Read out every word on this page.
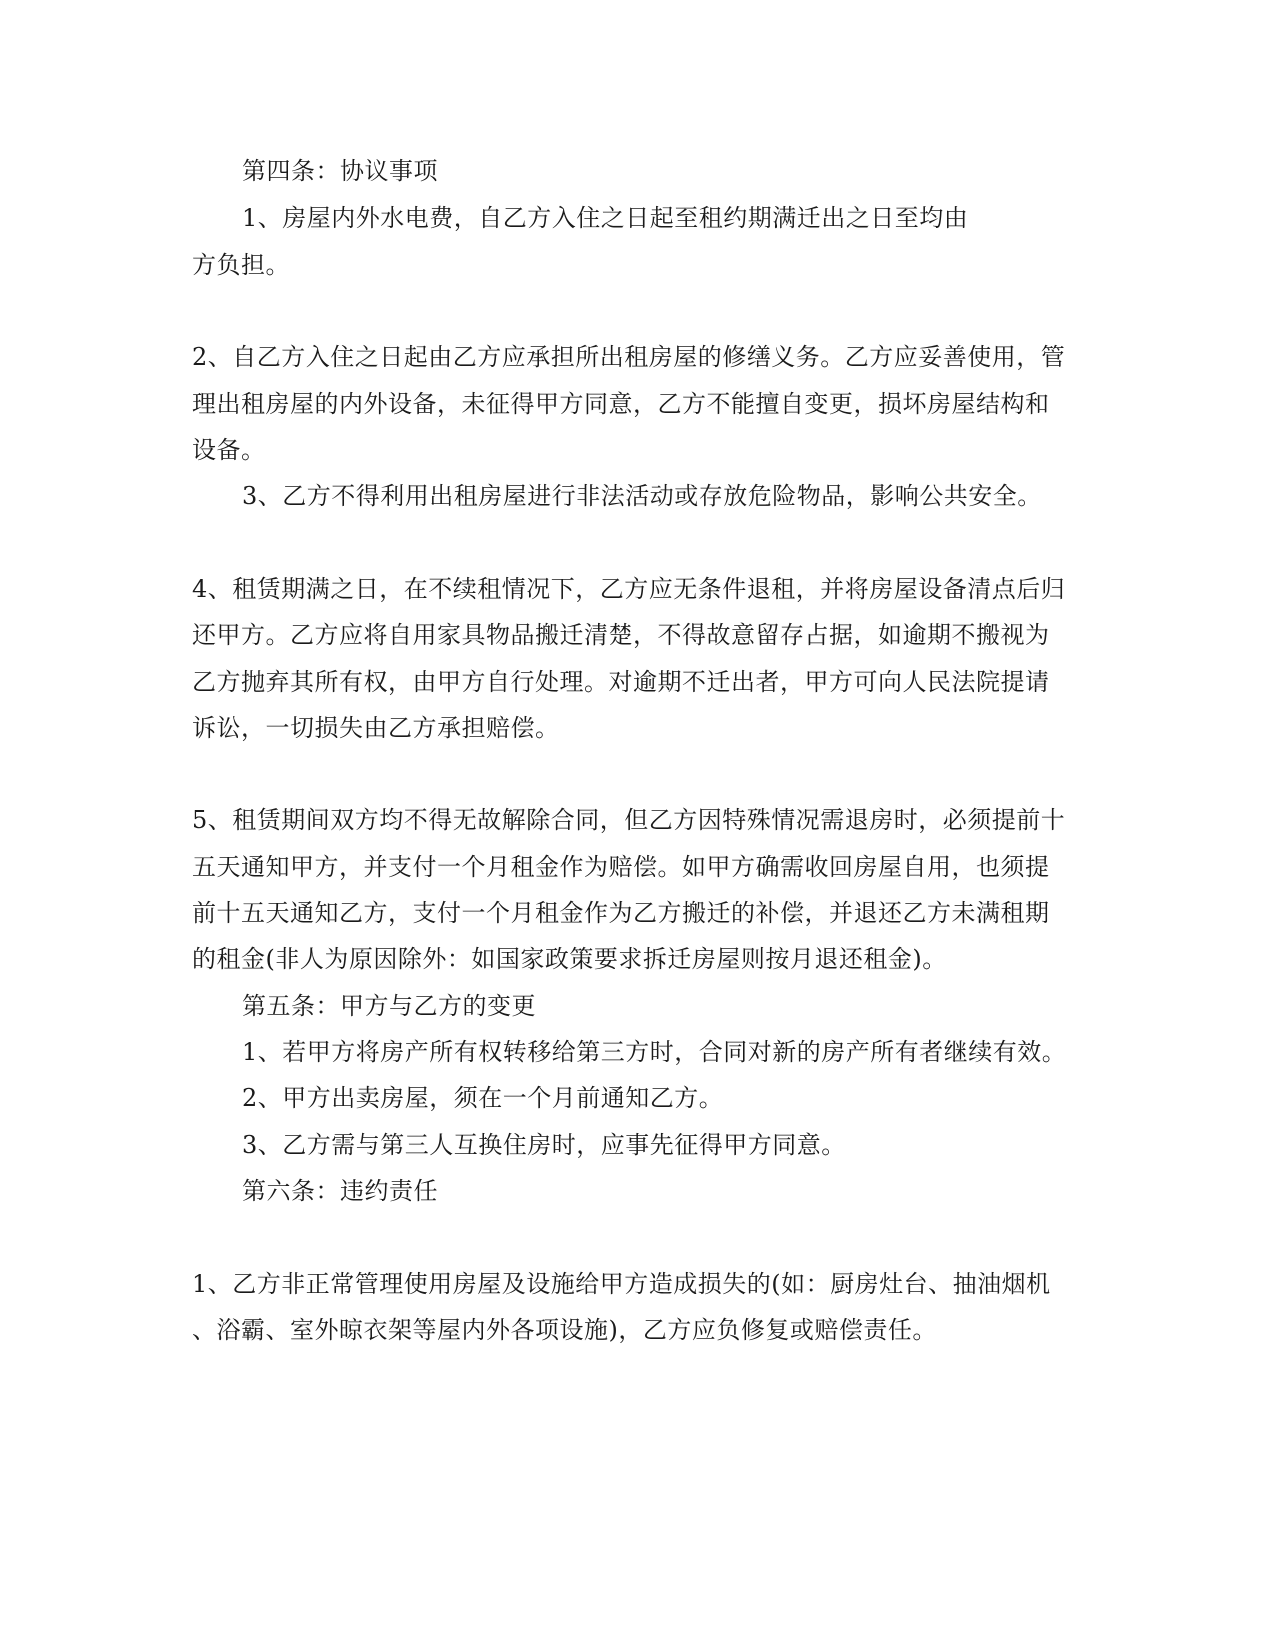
第四条：协议事项
1、房屋内外水电费，自乙方入住之日起至租约期满迁出之日至均由
方负担。
2、自乙方入住之日起由乙方应承担所出租房屋的修缮义务。乙方应妥善使用，管
理出租房屋的内外设备，未征得甲方同意，乙方不能擅自变更，损坏房屋结构和
设备。
3、乙方不得利用出租房屋进行非法活动或存放危险物品，影响公共安全。
4、租赁期满之日，在不续租情况下，乙方应无条件退租，并将房屋设备清点后归
还甲方。乙方应将自用家具物品搬迁清楚，不得故意留存占据，如逾期不搬视为
乙方抛弃其所有权，由甲方自行处理。对逾期不迁出者，甲方可向人民法院提请
诉讼，一切损失由乙方承担赔偿。
5、租赁期间双方均不得无故解除合同，但乙方因特殊情况需退房时，必须提前十
五天通知甲方，并支付一个月租金作为赔偿。如甲方确需收回房屋自用，也须提
前十五天通知乙方，支付一个月租金作为乙方搬迁的补偿，并退还乙方未满租期
的租金(非人为原因除外：如国家政策要求拆迁房屋则按月退还租金)。
第五条：甲方与乙方的变更
1、若甲方将房产所有权转移给第三方时，合同对新的房产所有者继续有效。
2、甲方出卖房屋，须在一个月前通知乙方。
3、乙方需与第三人互换住房时，应事先征得甲方同意。
第六条：违约责任
1、乙方非正常管理使用房屋及设施给甲方造成损失的(如：厨房灶台、抽油烟机
、浴霸、室外晾衣架等屋内外各项设施)，乙方应负修复或赔偿责任。
